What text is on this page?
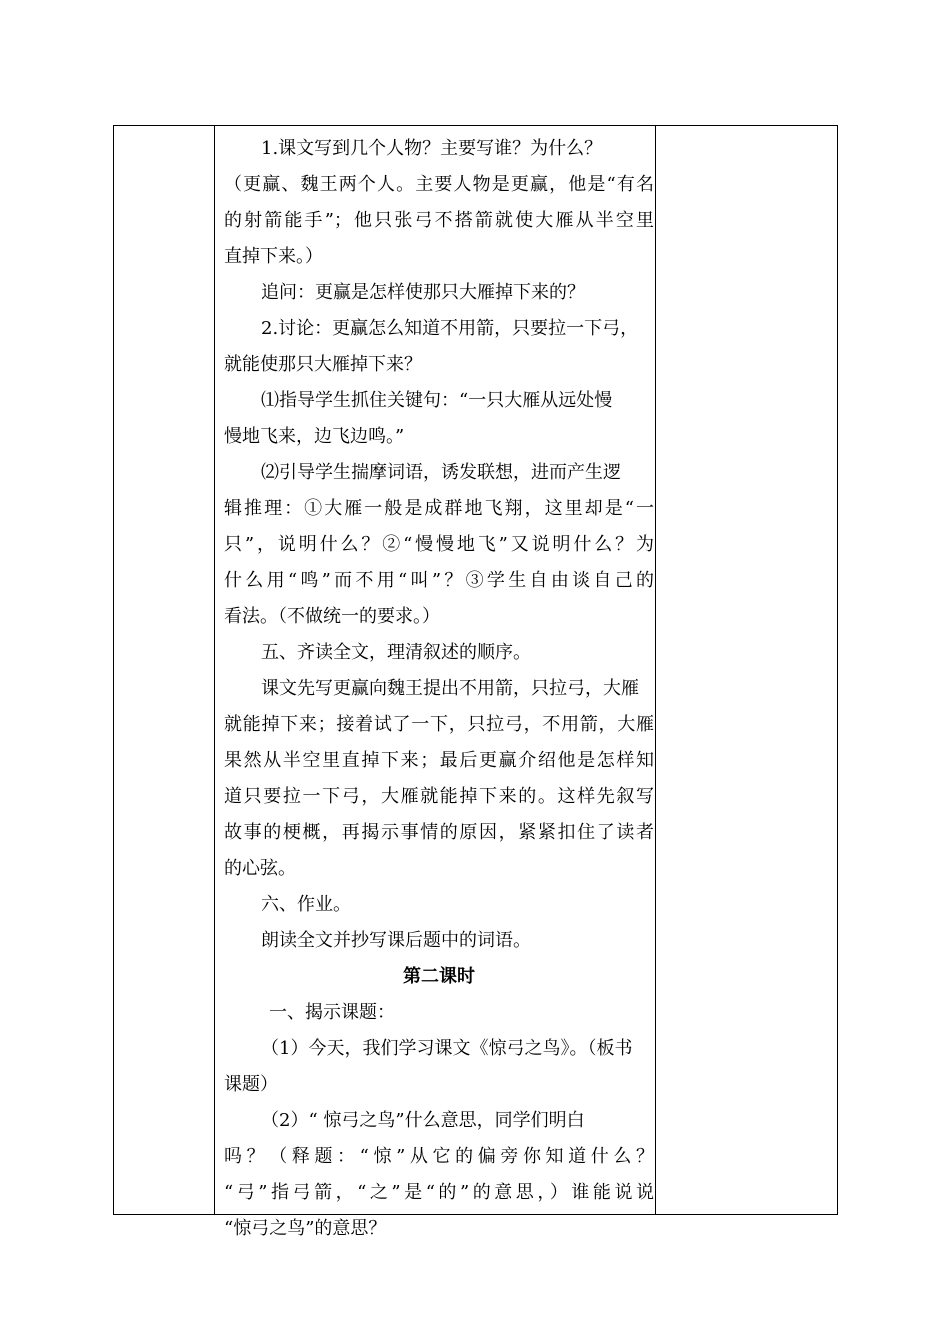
1.课文写到几个人物？主要写谁？为什么？
（更赢、魏王两个人。主要人物是更赢，他是“有名
的射箭能手”；他只张弓不搭箭就使大雁从半空里
直掉下来。）
追问：更赢是怎样使那只大雁掉下来的？
2.讨论：更赢怎么知道不用箭，只要拉一下弓，
就能使那只大雁掉下来？
⑴指导学生抓住关键句：“一只大雁从远处慢
慢地飞来，边飞边鸣。”
⑵引导学生揣摩词语，诱发联想，进而产生逻
辑推理：①大雁一般是成群地飞翔，这里却是“一
只”，说明什么？②“慢慢地飞”又说明什么？为
什么用“鸣”而不用“叫”？③学生自由谈自己的
看法。（不做统一的要求。）
五、齐读全文，理清叙述的顺序。
课文先写更赢向魏王提出不用箭，只拉弓，大雁
就能掉下来；接着试了一下，只拉弓，不用箭，大雁
果然从半空里直掉下来；最后更赢介绍他是怎样知
道只要拉一下弓，大雁就能掉下来的。这样先叙写
故事的梗概，再揭示事情的原因，紧紧扣住了读者
的心弦。
六、作业。
朗读全文并抄写课后题中的词语。
第二课时
一、揭示课题：
（1）今天，我们学习课文《惊弓之鸟》。（板书
课题）
（2）“ 惊弓之鸟”什么意思，同学们明白
吗？（释题：“惊”从它的偏旁你知道什么？
“弓”指弓箭，“之”是“的”的意思，）谁能说说
“惊弓之鸟”的意思？
